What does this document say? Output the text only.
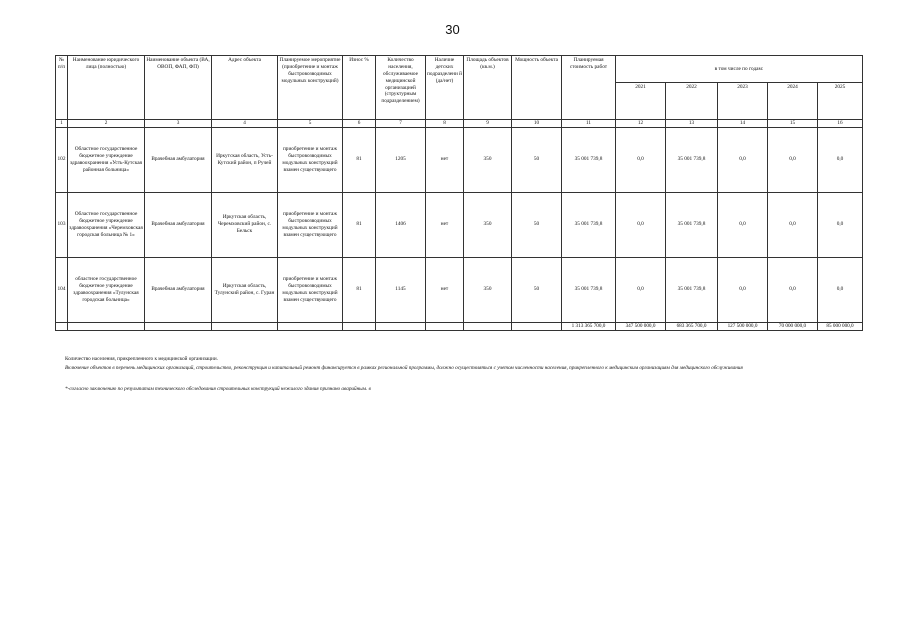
30
№ п/п	Наименование юридического лица (полностью)	Наименование объекта (ВА, ОВОП, ФАП, ФП)	Адрес объекта	Планируемое мероприятие (приобретение и монтаж быстровозводимых модульных конструкций)	Износ %	Количество населения, обслуживаемое медицинской организацией (структурным подразделением)	Наличие детских подразделени й (да/нет)	Площадь объектов (кв.м.)	Мощность объекта	Планируемая стоимость работ	в том числе по годам:				
											2021	2022	2023	2024	2025
1	2	3	4	5	6	7	8	9	10	11	12	13	14	15	16
102	Областное государственное бюджетное учреждение здравоохранения «Усть-Кутская районная больница»	Врачебная амбулатория	Иркутская область, Усть-Кутский район, п Ручей	приобретение и монтаж быстровозводимых модульных конструкций взамен существующего	81	1205	нет	350	50	35 001 739,8	0,0	35 001 739,8	0,0	0,0	0,0
103	Областное государственное бюджетное учреждение здравоохранения «Черемховская городская больница № 1»	Врачебная амбулатория	Иркутская область, Черемховский район, с. Бельск	приобретение и монтаж быстровозводимых модульных конструкций взамен существующего	81	1406	нет	350	50	35 001 739,8	0,0	35 001 739,8	0,0	0,0	0,0
104	областное государственное бюджетное учреждение здравоохранения «Тулунская городская больница»	Врачебная амбулатория	Иркутская область, Тулунский район, с. Гуран	приобретение и монтаж быстровозводимых модульных конструкций взамен существующего	81	1145	нет	350	50	35 001 739,8	0,0	35 001 739,8	0,0	0,0	0,0
										1 313 365 700,0	347 500 000,0	683 365 700,0	127 500 000,0	70 000 000,0	85 000 000,0
Количество населения, прикрепленного к медицинской организации.
Включение объектов в перечень медицинских организаций, строительство, реконструкция и капитальный ремонт финансируется в рамках региональной программы, должно осуществляться с учетом численности населения, прикрепленного к медицинским организациям для медицинского обслуживания
*-согласно заключению по результатам технического обследования строительных конструкций нежилого здания признано аварийным. в
